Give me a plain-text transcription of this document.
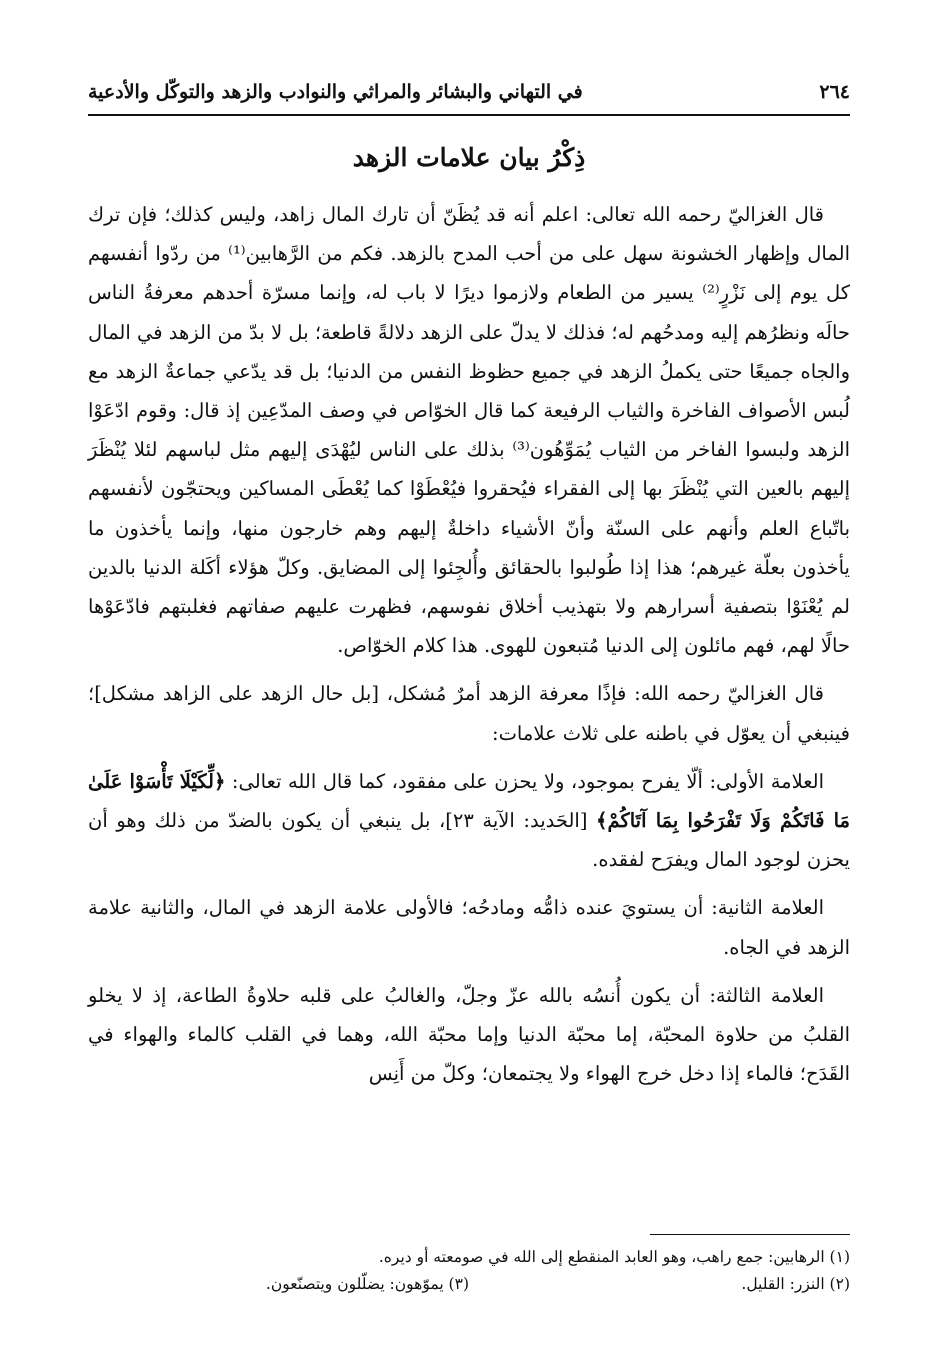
٢٦٤
في التهاني والبشائر والمراثي والنوادب والزهد والتوكّل والأدعية
ذِكْرُ بيان علامات الزهد

قال الغزاليّ رحمه الله تعالى: اعلم أنه قد يُظَنّ أن تارك المال زاهد، وليس كذلك؛ فإن ترك المال وإظهار الخشونة سهل على من أحب المدح بالزهد. فكم من الرَّهابين⁽¹⁾ من ردّوا أنفسهم كل يوم إلى نَزْرٍ⁽²⁾ يسير من الطعام ولازموا ديرًا لا باب له، وإنما مسرّة أحدهم معرفةُ الناس حالَه ونظرُهم إليه ومدحُهم له؛ فذلك لا يدلّ على الزهد دلالةً قاطعة؛ بل لا بدّ من الزهد في المال والجاه جميعًا حتى يكملُ الزهد في جميع حظوظ النفس من الدنيا؛ بل قد يدّعي جماعةٌ الزهد مع لُبس الأصواف الفاخرة والثياب الرفيعة كما قال الخوّاص في وصف المدّعِين إذ قال: وقوم ادّعَوْا الزهد ولبسوا الفاخر من الثياب يُمَوِّهُون⁽³⁾ بذلك على الناس ليُهْدَى إليهم مثل لباسهم لئلا يُنْظَرَ إليهم بالعين التي يُنْظَرَ بها إلى الفقراء فيُحقروا فيُعْطَوْا كما يُعْطَى المساكين ويحتجّون لأنفسهم باتّباع العلم وأنهم على السنّة وأنّ الأشياء داخلةٌ إليهم وهم خارجون منها، وإنما يأخذون ما يأخذون بعلّة غيرهم؛ هذا إذا طُولبوا بالحقائق وأُلجِئوا إلى المضايق. وكلّ هؤلاء أكَلة الدنيا بالدين لم يُعْنَوْا بتصفية أسرارهم ولا بتهذيب أخلاق نفوسهم، فظهرت عليهم صفاتهم فغلبتهم فادّعَوْها حالًا لهم، فهم مائلون إلى الدنيا مُتبعون للهوى. هذا كلام الخوّاص.

قال الغزاليّ رحمه الله: فإذًا معرفة الزهد أمرٌ مُشكل، [بل حال الزهد على الزاهد مشكل]؛ فينبغي أن يعوّل في باطنه على ثلاث علامات:

العلامة الأولى: ألّا يفرح بموجود، ولا يحزن على مفقود، كما قال الله تعالى: ﴿لِّكَيْلَا تَأْسَوْا عَلَىٰ مَا فَاتَكُمْ وَلَا تَفْرَحُوا بِمَا آتَاكُمْ﴾ [الحَديد: الآية ٢٣]، بل ينبغي أن يكون بالضدّ من ذلك وهو أن يحزن لوجود المال ويفرَح لفقده.

العلامة الثانية: أن يستويَ عنده ذامُّه ومادحُه؛ فالأولى علامة الزهد في المال، والثانية علامة الزهد في الجاه.

العلامة الثالثة: أن يكون أُنسُه بالله عزّ وجلّ، والغالبُ على قلبه حلاوةُ الطاعة، إذ لا يخلو القلبُ من حلاوة المحبّة، إما محبّة الدنيا وإما محبّة الله، وهما في القلب كالماء والهواء في القَدَح؛ فالماء إذا دخل خرج الهواء ولا يجتمعان؛ وكلّ من أَنِس

(١) الرهابين: جمع راهب، وهو العابد المنقطع إلى الله في صومعته أو ديره.
(٢) النزر: القليل.
(٣) يموّهون: يضلّلون ويتصنّعون.
